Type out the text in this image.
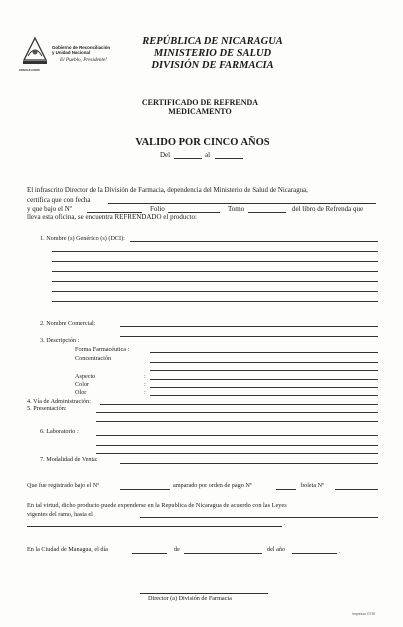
GRACIAS A DIOS
Gobierno de Reconciliación
y Unidad Nacional
El Pueblo, Presidente!
REPÚBLICA DE NICARAGUA
MINISTERIO DE SALUD
DIVISIÓN DE FARMACIA
CERTIFICADO DE REFRENDA
MEDICAMENTO
VALIDO POR CINCO AÑOS
Del	al
El infrascrito Director de la División de Farmacia, dependencia del Ministerio de Salud de Nicaragua,
certifica que con fecha
y que bajo el Nº	Folio	Tomo	del libro de Refrenda que
lleva esta oficina, se encuentra REFRENDADO el producto:
1. Nombre (s) Genérico (s) (DCI):
2. Nombre Comercial:
3. Descripción :
Forma Farmacéutica :
Concentración
Aspecto	:
Color	:
Olor	:
4. Vía de Administración:
5. Presentación:
6. Laboratorio :
7. Modalidad de Venta:
Que fue registrado bajo el Nº	amparado por orden de pago Nº	boleta Nº
En tal virtud, dicho producto puede expenderse en la Republica de Nicaragua de acuerdo con las Leyes
vigentes del ramo, hasta el
.
En la Ciudad de Managua, el día	de	del año	.
Director (a) División de Farmacia
Impresos OTRI
